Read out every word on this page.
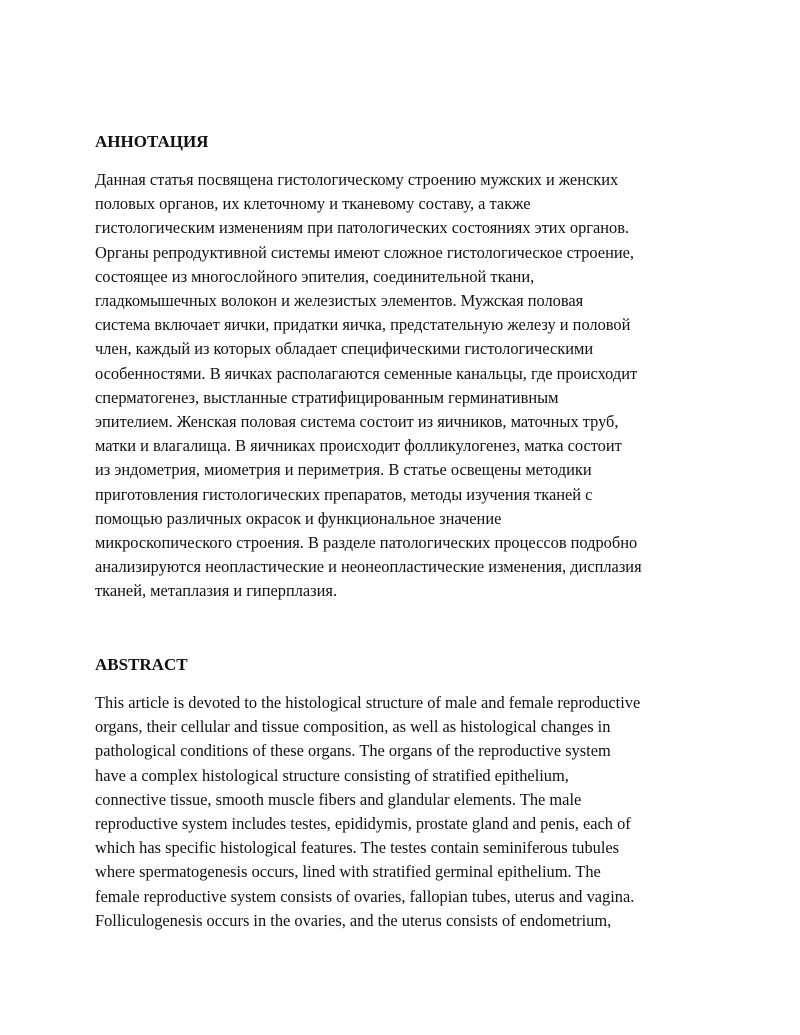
АННОТАЦИЯ

Данная статья посвящена гистологическому строению мужских и женских
половых органов, их клеточному и тканевому составу, а также
гистологическим изменениям при патологических состояниях этих органов.
Органы репродуктивной системы имеют сложное гистологическое строение,
состоящее из многослойного эпителия, соединительной ткани,
гладкомышечных волокон и железистых элементов. Мужская половая
система включает яички, придатки яичка, предстательную железу и половой
член, каждый из которых обладает специфическими гистологическими
особенностями. В яичках располагаются семенные канальцы, где происходит
сперматогенез, выстланные стратифицированным герминативным
эпителием. Женская половая система состоит из яичников, маточных труб,
матки и влагалища. В яичниках происходит фолликулогенез, матка состоит
из эндометрия, миометрия и периметрия. В статье освещены методики
приготовления гистологических препаратов, методы изучения тканей с
помощью различных окрасок и функциональное значение
микроскопического строения. В разделе патологических процессов подробно
анализируются неопластические и неонеопластические изменения, дисплазия
тканей, метаплазия и гиперплазия.

ABSTRACT

This article is devoted to the histological structure of male and female reproductive
organs, their cellular and tissue composition, as well as histological changes in
pathological conditions of these organs. The organs of the reproductive system
have a complex histological structure consisting of stratified epithelium,
connective tissue, smooth muscle fibers and glandular elements. The male
reproductive system includes testes, epididymis, prostate gland and penis, each of
which has specific histological features. The testes contain seminiferous tubules
where spermatogenesis occurs, lined with stratified germinal epithelium. The
female reproductive system consists of ovaries, fallopian tubes, uterus and vagina.
Folliculogenesis occurs in the ovaries, and the uterus consists of endometrium,
